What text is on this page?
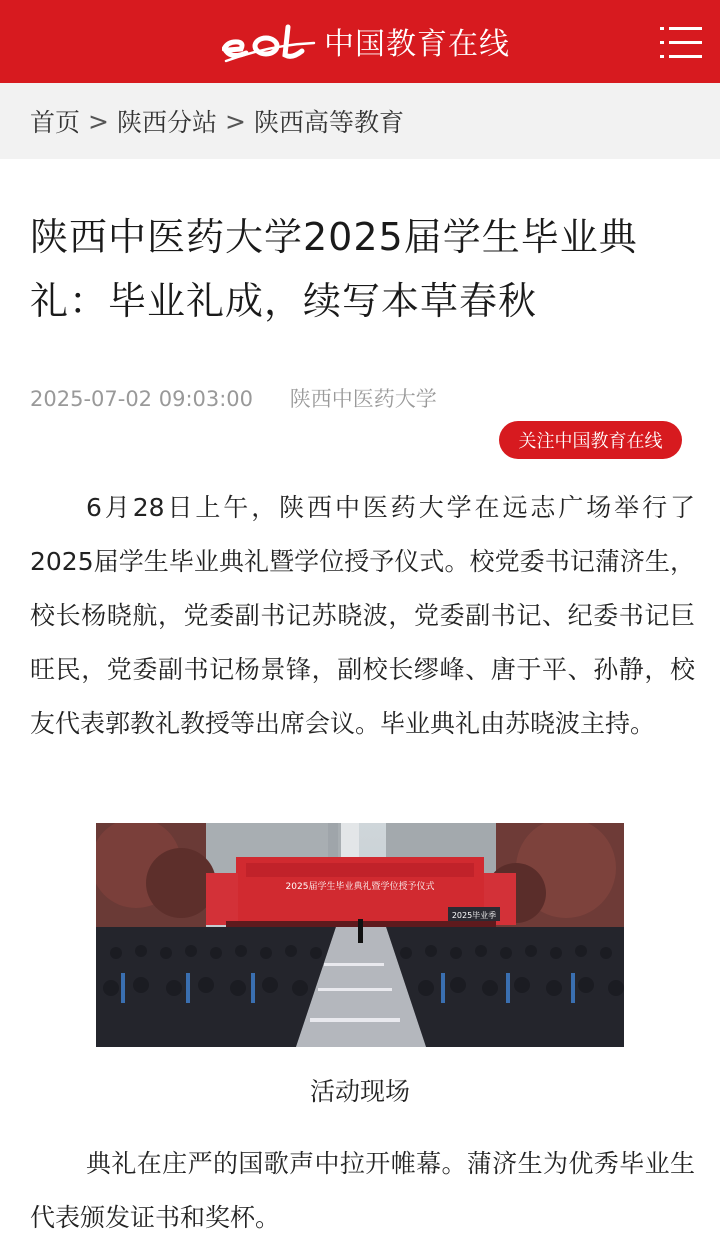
中国教育在线
首页 > 陕西分站 > 陕西高等教育
陕西中医药大学2025届学生毕业典礼：毕业礼成，续写本草春秋
2025-07-02 09:03:00 陕西中医药大学
关注中国教育在线

6月28日上午，陕西中医药大学在远志广场举行了2025届学生毕业典礼暨学位授予仪式。校党委书记蒲济生，校长杨晓航，党委副书记苏晓波，党委副书记、纪委书记巨旺民，党委副书记杨景锋，副校长缪峰、唐于平、孙静，校友代表郭教礼教授等出席会议。毕业典礼由苏晓波主持。

2025届学生毕业典礼暨学位授予仪式
2025毕业季
活动现场

典礼在庄严的国歌声中拉开帷幕。蒲济生为优秀毕业生代表颁发证书和奖杯。
